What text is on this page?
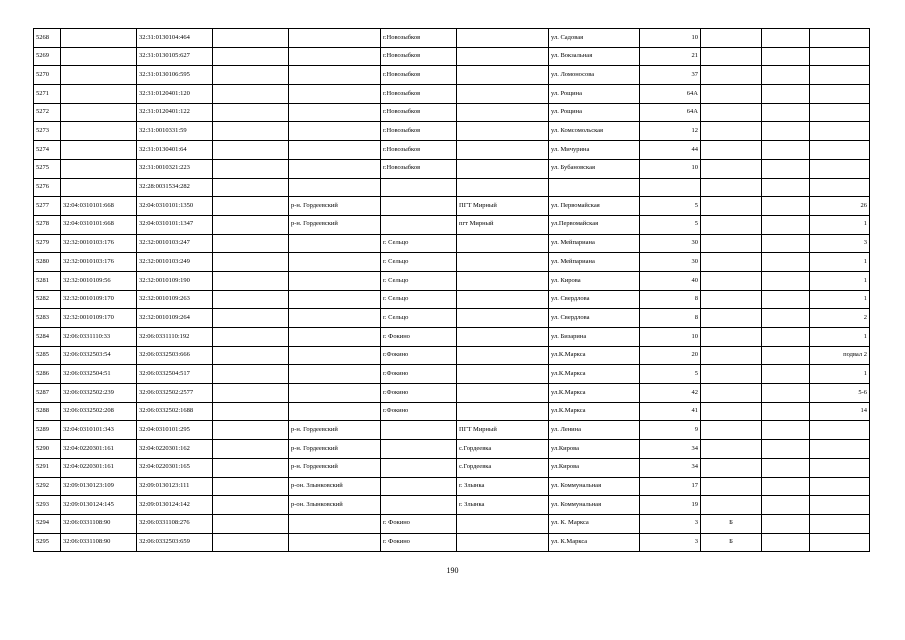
5268		32:31:0130104:464			г.Новозыбков		ул. Садовая	10			
5269		32:31:0130105:627			г.Новозыбков		ул. Вокзальная	21			
5270		32:31:0130106:595			г.Новозыбков		ул. Ломоносова	37			
5271		32:31:0120401:120			г.Новозыбков		ул. Рощина	64А			
5272		32:31:0120401:122			г.Новозыбков		ул. Рощина	64А			
5273		32:31:0010331:59			г.Новозыбков		ул. Комсомольская	12			
5274		32:31:0130401:64			г.Новозыбков		ул. Мичурина	44			
5275		32:31:0010321:223			г.Новозыбков		ул. Бубановская	10			
5276		32:28:0031534:282									
5277	32:04:0310101:668	32:04:0310101:1350		р-н. Гордеевский		ПГТ Мирный	ул. Первомайская	5			26
5278	32:04:0310101:668	32:04:0310101:1347		р-н. Гордеевский		пгт Мирный	ул.Первомайская	5			1
5279	32:32:0010103:176	32:32:0010103:247			г. Сельцо		ул. Мейпариана	30			3
5280	32:32:0010103:176	32:32:0010103:249			г. Сельцо		ул. Мейпариана	30			1
5281	32:32:0010109:56	32:32:0010109:190			г. Сельцо		ул. Кирова	40			1
5282	32:32:0010109:170	32:32:0010109:263			г. Сельцо		ул. Свердлова	8			1
5283	32:32:0010109:170	32:32:0010109:264			г. Сельцо		ул. Свердлова	8			2
5284	32:06:0331110:33	32:06:0331110:192			г. Фокино		ул. Бизарина	10			1
5285	32:06:0332503:54	32:06:0332503:666			г.Фокино		ул.К.Маркса	20			подвал 2
5286	32:06:0332504:51	32:06:0332504:517			г.Фокино		ул.К.Маркса	5			1
5287	32:06:0332502:239	32:06:0332502:2577			г.Фокино		ул.К.Маркса	42			5-6
5288	32:06:0332502:208	32:06:0332502:1688			г.Фокино		ул.К.Маркса	41			14
5289	32:04:0310101:343	32:04:0310101:295		р-н. Гордеевский		ПГТ Мирный	ул. Ленина	9			
5290	32:04:0220301:161	32:04:0220301:162		р-н. Гордеевский		с.Гордеевка	ул.Кирова	34			
5291	32:04:0220301:161	32:04:0220301:165		р-н. Гордеевский		с.Гордеевка	ул.Кирова	34			
5292	32:09:0130123:109	32:09:0130123:111		р-он. Злынковский		г. Злынка	ул. Коммунальная	17			
5293	32:09:0130124:145	32:09:0130124:142		р-он. Злынковский		г. Злынка	ул. Коммунальная	19			
5294	32:06:0331108:90	32:06:0331108:276			г. Фокино		ул. К. Маркса	3	Б		
5295	32:06:0331108:90	32:06:0332503:659			г. Фокино		ул. К.Маркса	3	Б		
190
